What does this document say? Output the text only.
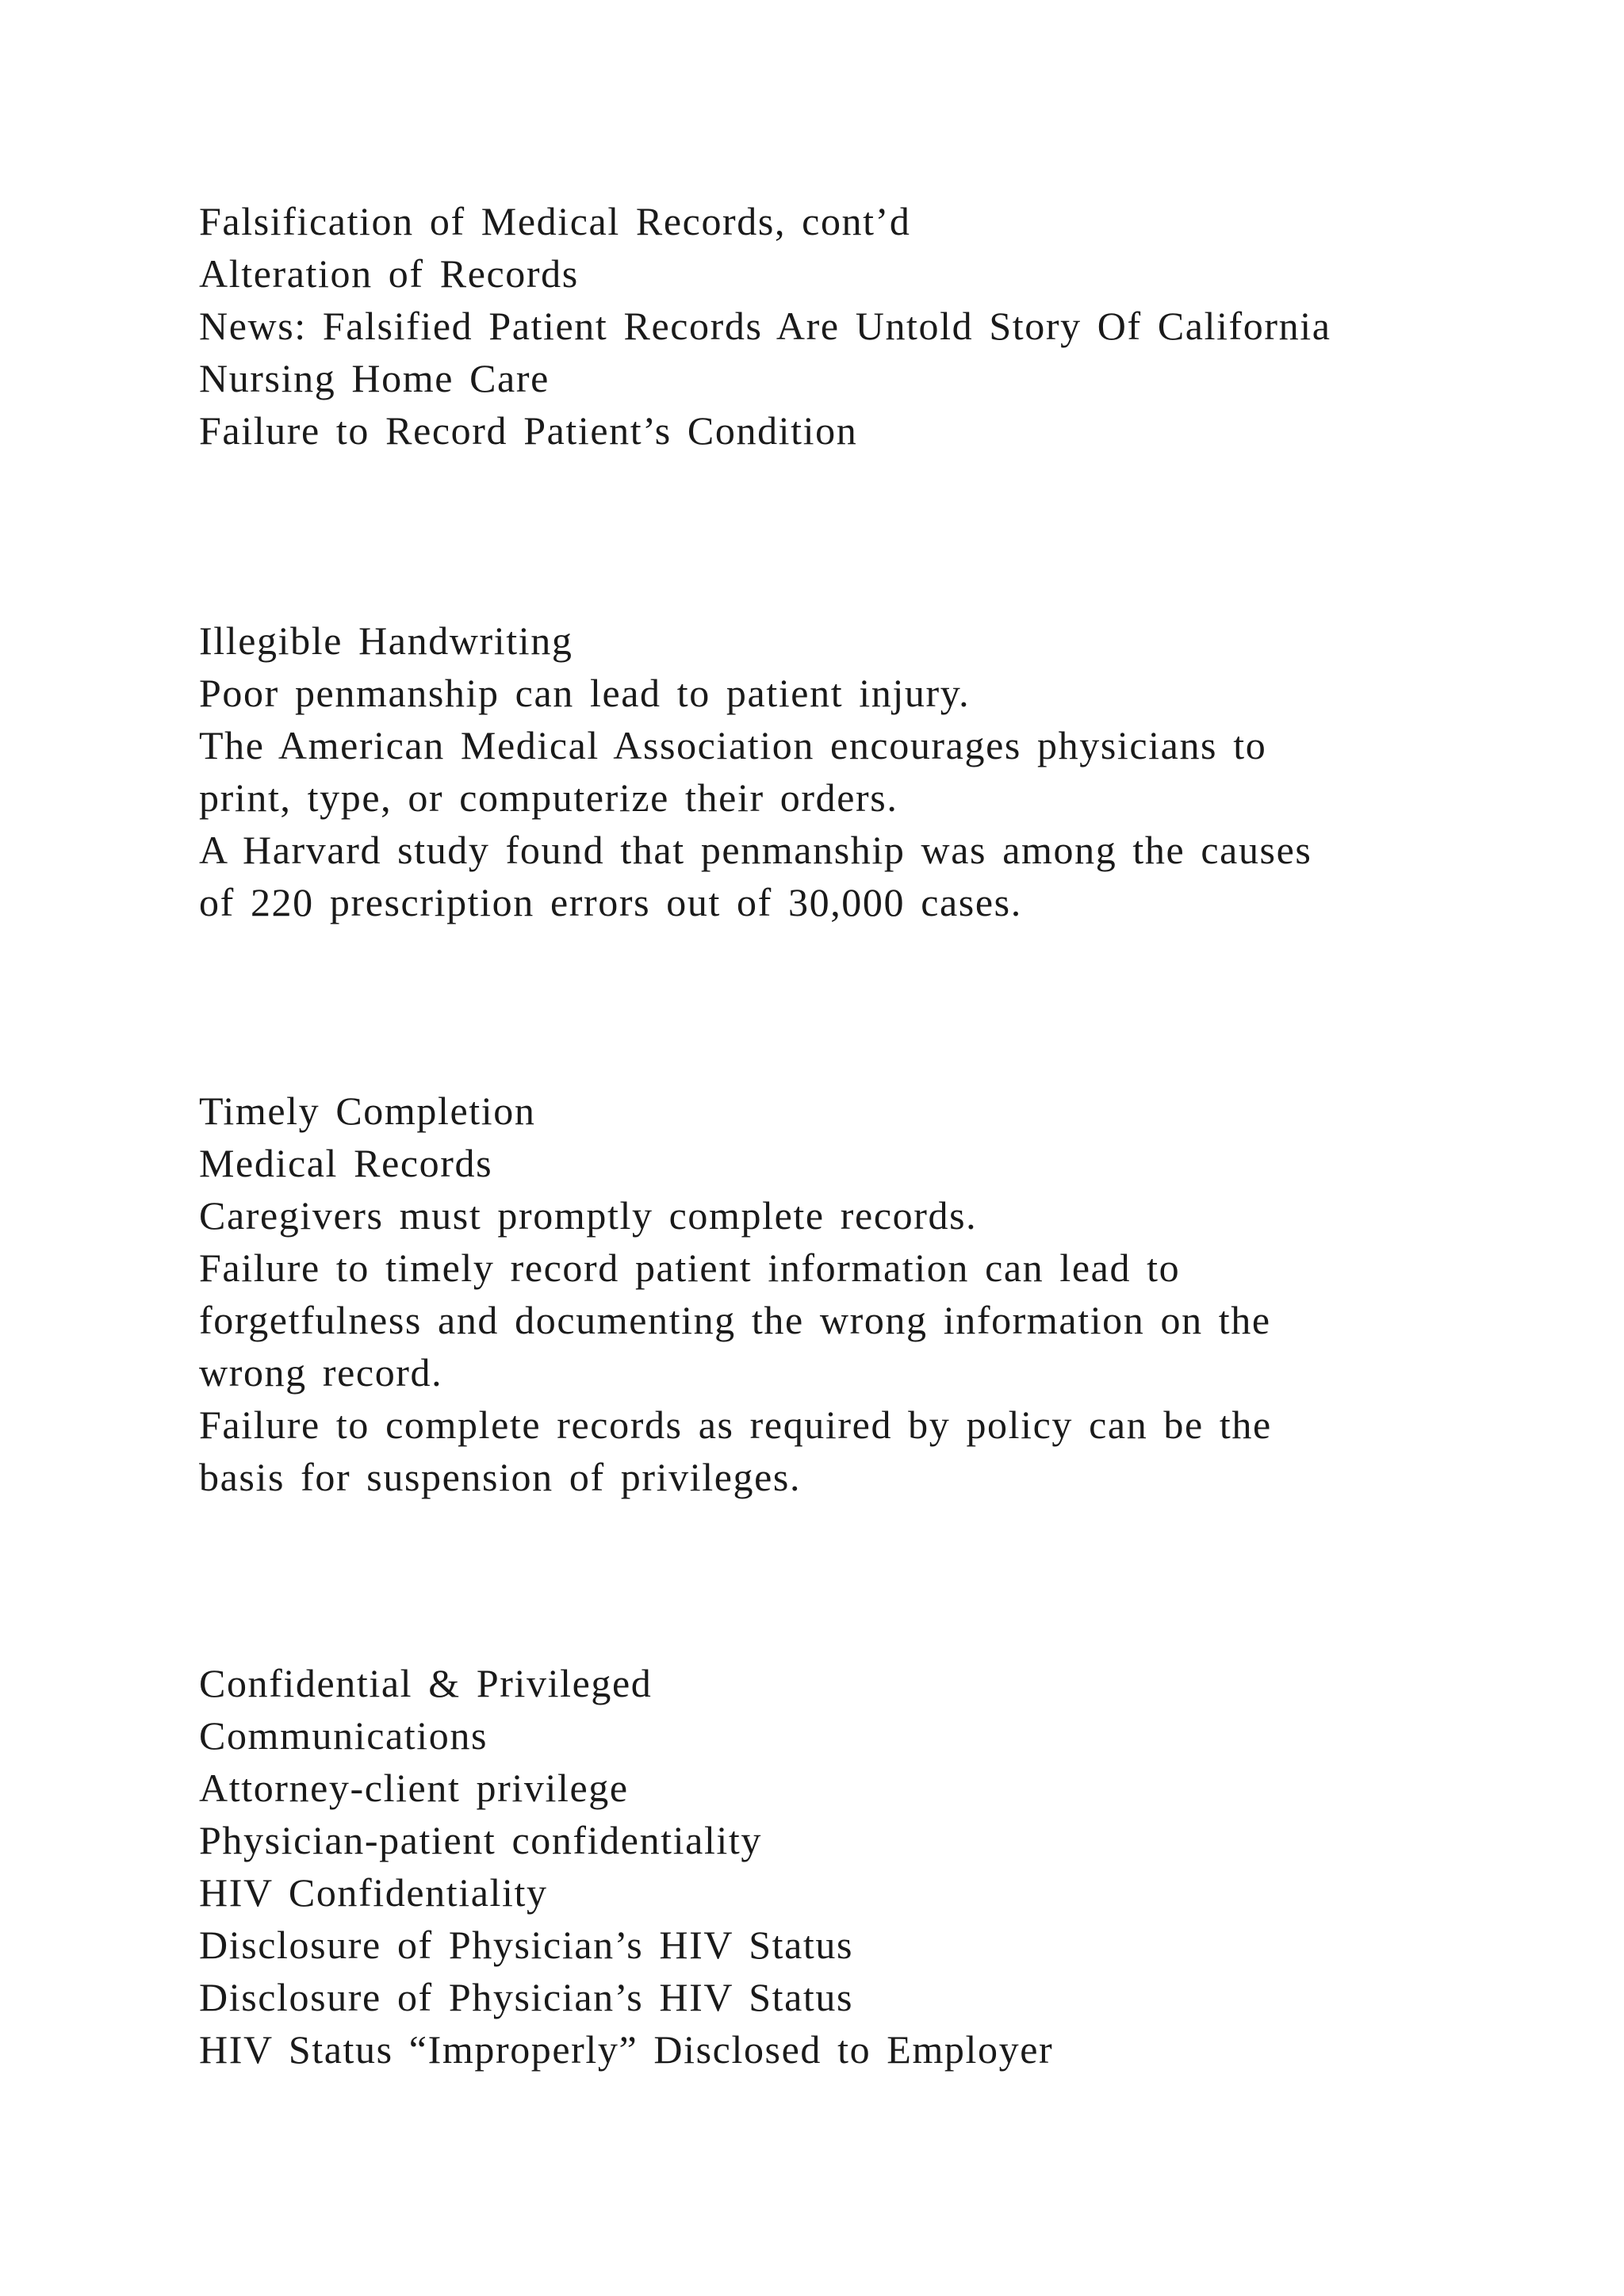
Falsification of Medical Records, cont’d
Alteration of Records
News: Falsified Patient Records Are Untold Story Of California
Nursing Home Care
Failure to Record Patient’s Condition
Illegible Handwriting
Poor penmanship can lead to patient injury.
The American Medical Association encourages physicians to
print, type, or computerize their orders.
A Harvard study found that penmanship was among the causes
of 220 prescription errors out of 30,000 cases.
Timely Completion
Medical Records
Caregivers must promptly complete records.
Failure to timely record patient information can lead to
forgetfulness and documenting the wrong information on the
wrong record.
Failure to complete records as required by policy can be the
basis for suspension of privileges.
Confidential & Privileged
Communications
Attorney-client privilege
Physician-patient confidentiality
HIV Confidentiality
Disclosure of Physician’s HIV Status
Disclosure of Physician’s HIV Status
HIV Status “Improperly” Disclosed to Employer
